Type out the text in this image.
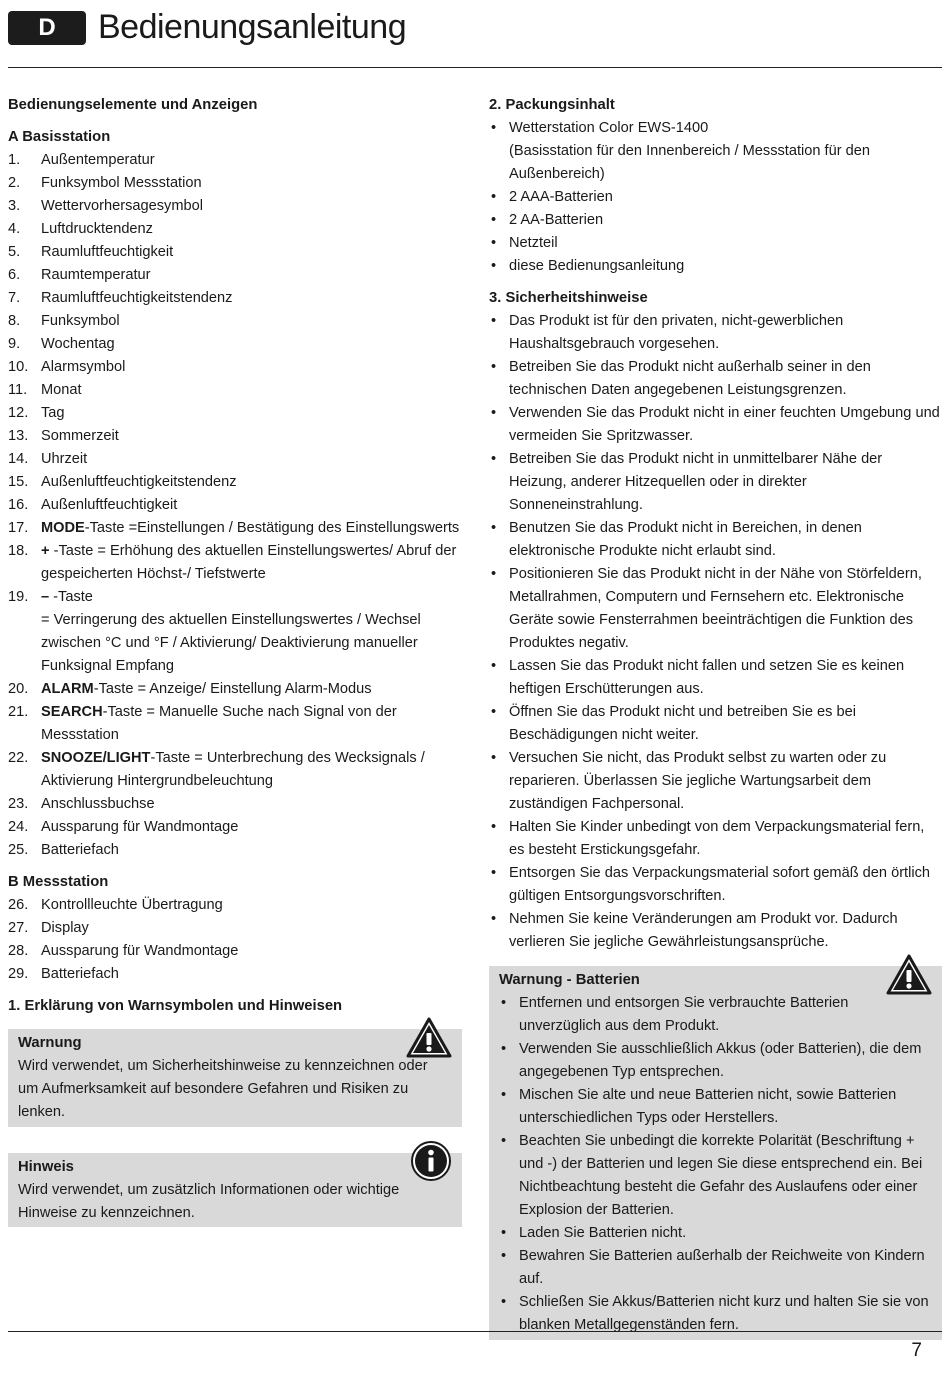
D	Bedienungsanleitung
Bedienungselemente und Anzeigen
A Basisstation
1. Außentemperatur
2. Funksymbol Messstation
3. Wettervorhersagesymbol
4. Luftdrucktendenz
5. Raumluftfeuchtigkeit
6. Raumtemperatur
7. Raumluftfeuchtigkeitstendenz
8. Funksymbol
9. Wochentag
10. Alarmsymbol
11. Monat
12. Tag
13. Sommerzeit
14. Uhrzeit
15. Außenluftfeuchtigkeitstendenz
16. Außenluftfeuchtigkeit
17. MODE-Taste =Einstellungen / Bestätigung des Einstellungswerts
18. + -Taste = Erhöhung des aktuellen Einstellungswertes/ Abruf der gespeicherten Höchst-/ Tiefstwerte
19. – -Taste
= Verringerung des aktuellen Einstellungswertes / Wechsel zwischen °C und °F / Aktivierung/ Deaktivierung manueller Funksignal Empfang
20. ALARM-Taste = Anzeige/ Einstellung Alarm-Modus
21. SEARCH-Taste = Manuelle Suche nach Signal von der Messstation
22. SNOOZE/LIGHT-Taste = Unterbrechung des Wecksignals / Aktivierung Hintergrundbeleuchtung
23. Anschlussbuchse
24. Aussparung für Wandmontage
25. Batteriefach
B Messstation
26. Kontrollleuchte Übertragung
27. Display
28. Aussparung für Wandmontage
29. Batteriefach
1. Erklärung von Warnsymbolen und Hinweisen
Warnung

Wird verwendet, um Sicherheitshinweise zu kennzeichnen oder um Aufmerksamkeit auf besondere Gefahren und Risiken zu lenken.

Hinweis

Wird verwendet, um zusätzlich Informationen oder wichtige Hinweise zu kennzeichnen.

2. Packungsinhalt
• Wetterstation Color EWS-1400
(Basisstation für den Innenbereich / Messstation für den Außenbereich)
• 2 AAA-Batterien
• 2 AA-Batterien
• Netzteil
• diese Bedienungsanleitung
3. Sicherheitshinweise
• Das Produkt ist für den privaten, nicht-gewerblichen Haushaltsgebrauch vorgesehen.
• Betreiben Sie das Produkt nicht außerhalb seiner in den technischen Daten angegebenen Leistungsgrenzen.
• Verwenden Sie das Produkt nicht in einer feuchten Umgebung und vermeiden Sie Spritzwasser.
• Betreiben Sie das Produkt nicht in unmittelbarer Nähe der Heizung, anderer Hitzequellen oder in direkter Sonneneinstrahlung.
• Benutzen Sie das Produkt nicht in Bereichen, in denen elektronische Produkte nicht erlaubt sind.
• Positionieren Sie das Produkt nicht in der Nähe von Störfeldern, Metallrahmen, Computern und Fernsehern etc. Elektronische Geräte sowie Fensterrahmen beeinträchtigen die Funktion des Produktes negativ.
• Lassen Sie das Produkt nicht fallen und setzen Sie es keinen heftigen Erschütterungen aus.
• Öffnen Sie das Produkt nicht und betreiben Sie es bei Beschädigungen nicht weiter.
• Versuchen Sie nicht, das Produkt selbst zu warten oder zu reparieren. Überlassen Sie jegliche Wartungsarbeit dem zuständigen Fachpersonal.
• Halten Sie Kinder unbedingt von dem Verpackungsmaterial fern, es besteht Erstickungsgefahr.
• Entsorgen Sie das Verpackungsmaterial sofort gemäß den örtlich gültigen Entsorgungsvorschriften.
• Nehmen Sie keine Veränderungen am Produkt vor. Dadurch verlieren Sie jegliche Gewährleistungsansprüche.
Warnung - Batterien
• Entfernen und entsorgen Sie verbrauchte Batterien unverzüglich aus dem Produkt.
• Verwenden Sie ausschließlich Akkus (oder Batterien), die dem angegebenen Typ entsprechen.
• Mischen Sie alte und neue Batterien nicht, sowie Batterien unterschiedlichen Typs oder Herstellers.
• Beachten Sie unbedingt die korrekte Polarität (Beschriftung + und -) der Batterien und legen Sie diese entsprechend ein. Bei Nichtbeachtung besteht die Gefahr des Auslaufens oder einer Explosion der Batterien.
• Laden Sie Batterien nicht.
• Bewahren Sie Batterien außerhalb der Reichweite von Kindern auf.
• Schließen Sie Akkus/Batterien nicht kurz und halten Sie sie von blanken Metallgegenständen fern.
7
